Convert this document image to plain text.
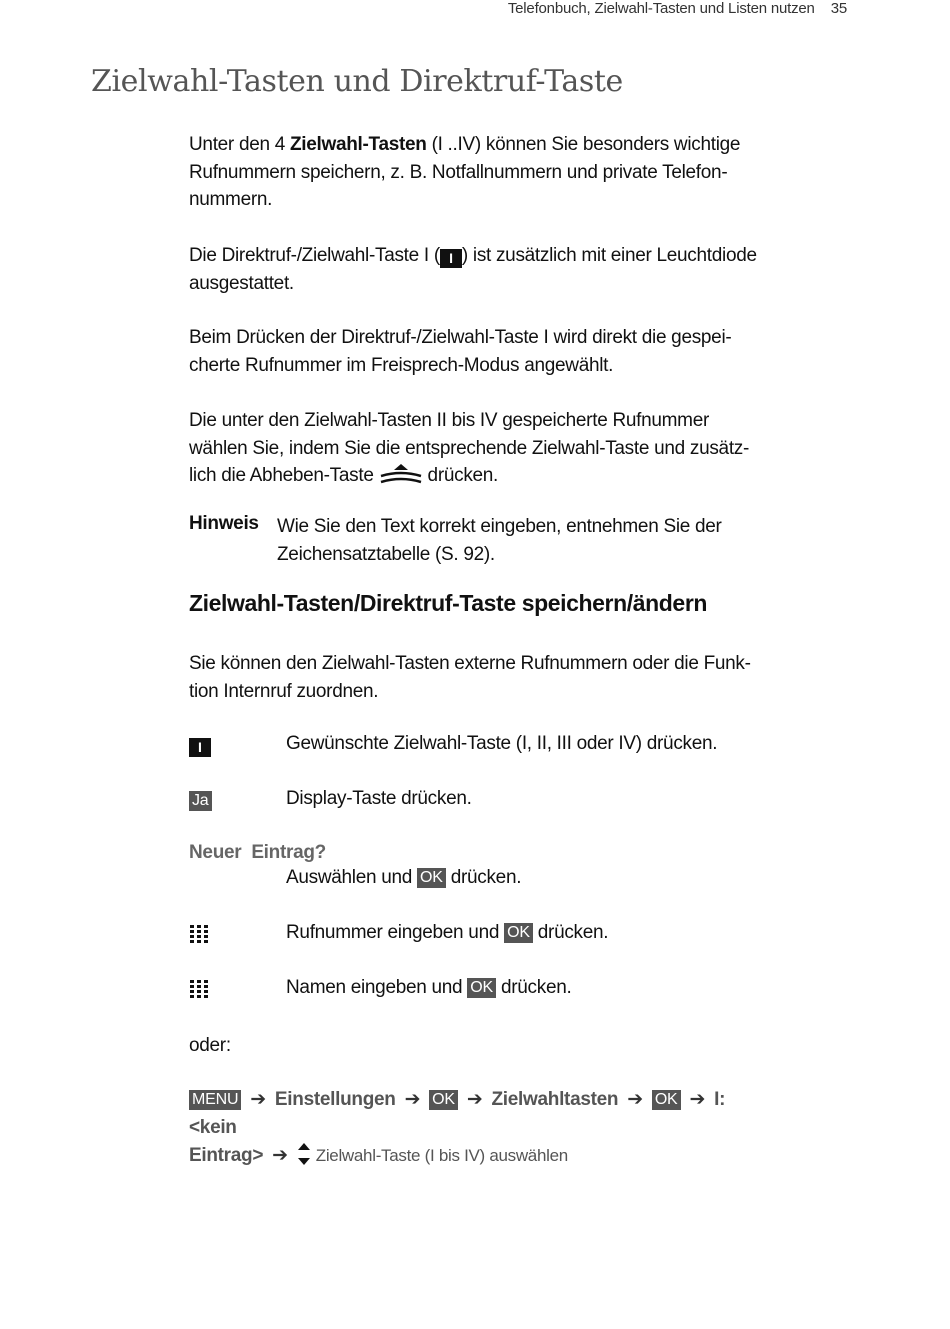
Telefonbuch, Zielwahl-Tasten und Listen nutzen 35
Zielwahl-Tasten und Direktruf-Taste

Unter den 4 Zielwahl-Tasten (I ..IV) können Sie besonders wichtige Rufnummern speichern, z. B. Notfallnummern und private Telefon-nummern.

Die Direktruf-/Zielwahl-Taste I ( I ) ist zusätzlich mit einer Leuchtdiode ausgestattet.

Beim Drücken der Direktruf-/Zielwahl-Taste I wird direkt die gespei-cherte Rufnummer im Freisprech-Modus angewählt.

Die unter den Zielwahl-Tasten II bis IV gespeicherte Rufnummer wählen Sie, indem Sie die entsprechende Zielwahl-Taste und zusätz-lich die Abheben-Taste  drücken.

Hinweis Wie Sie den Text korrekt eingeben, entnehmen Sie der Zeichensatztabelle (S. 92).
Zielwahl-Tasten/Direktruf-Taste speichern/ändern

Sie können den Zielwahl-Tasten externe Rufnummern oder die Funk-tion Internruf zuordnen.

I	Gewünschte Zielwahl-Taste (I, II, III oder IV) drücken.
Ja	Display-Taste drücken.
Neuer  Eintrag?
Auswählen und OK drücken.
Rufnummer eingeben und OK drücken.
Namen eingeben und OK drücken.
oder:
MENU ➔ Einstellungen ➔ OK ➔ Zielwahltasten ➔ OK ➔ I: <kein
Eintrag> ➔ Zielwahl-Taste (I bis IV) auswählen
